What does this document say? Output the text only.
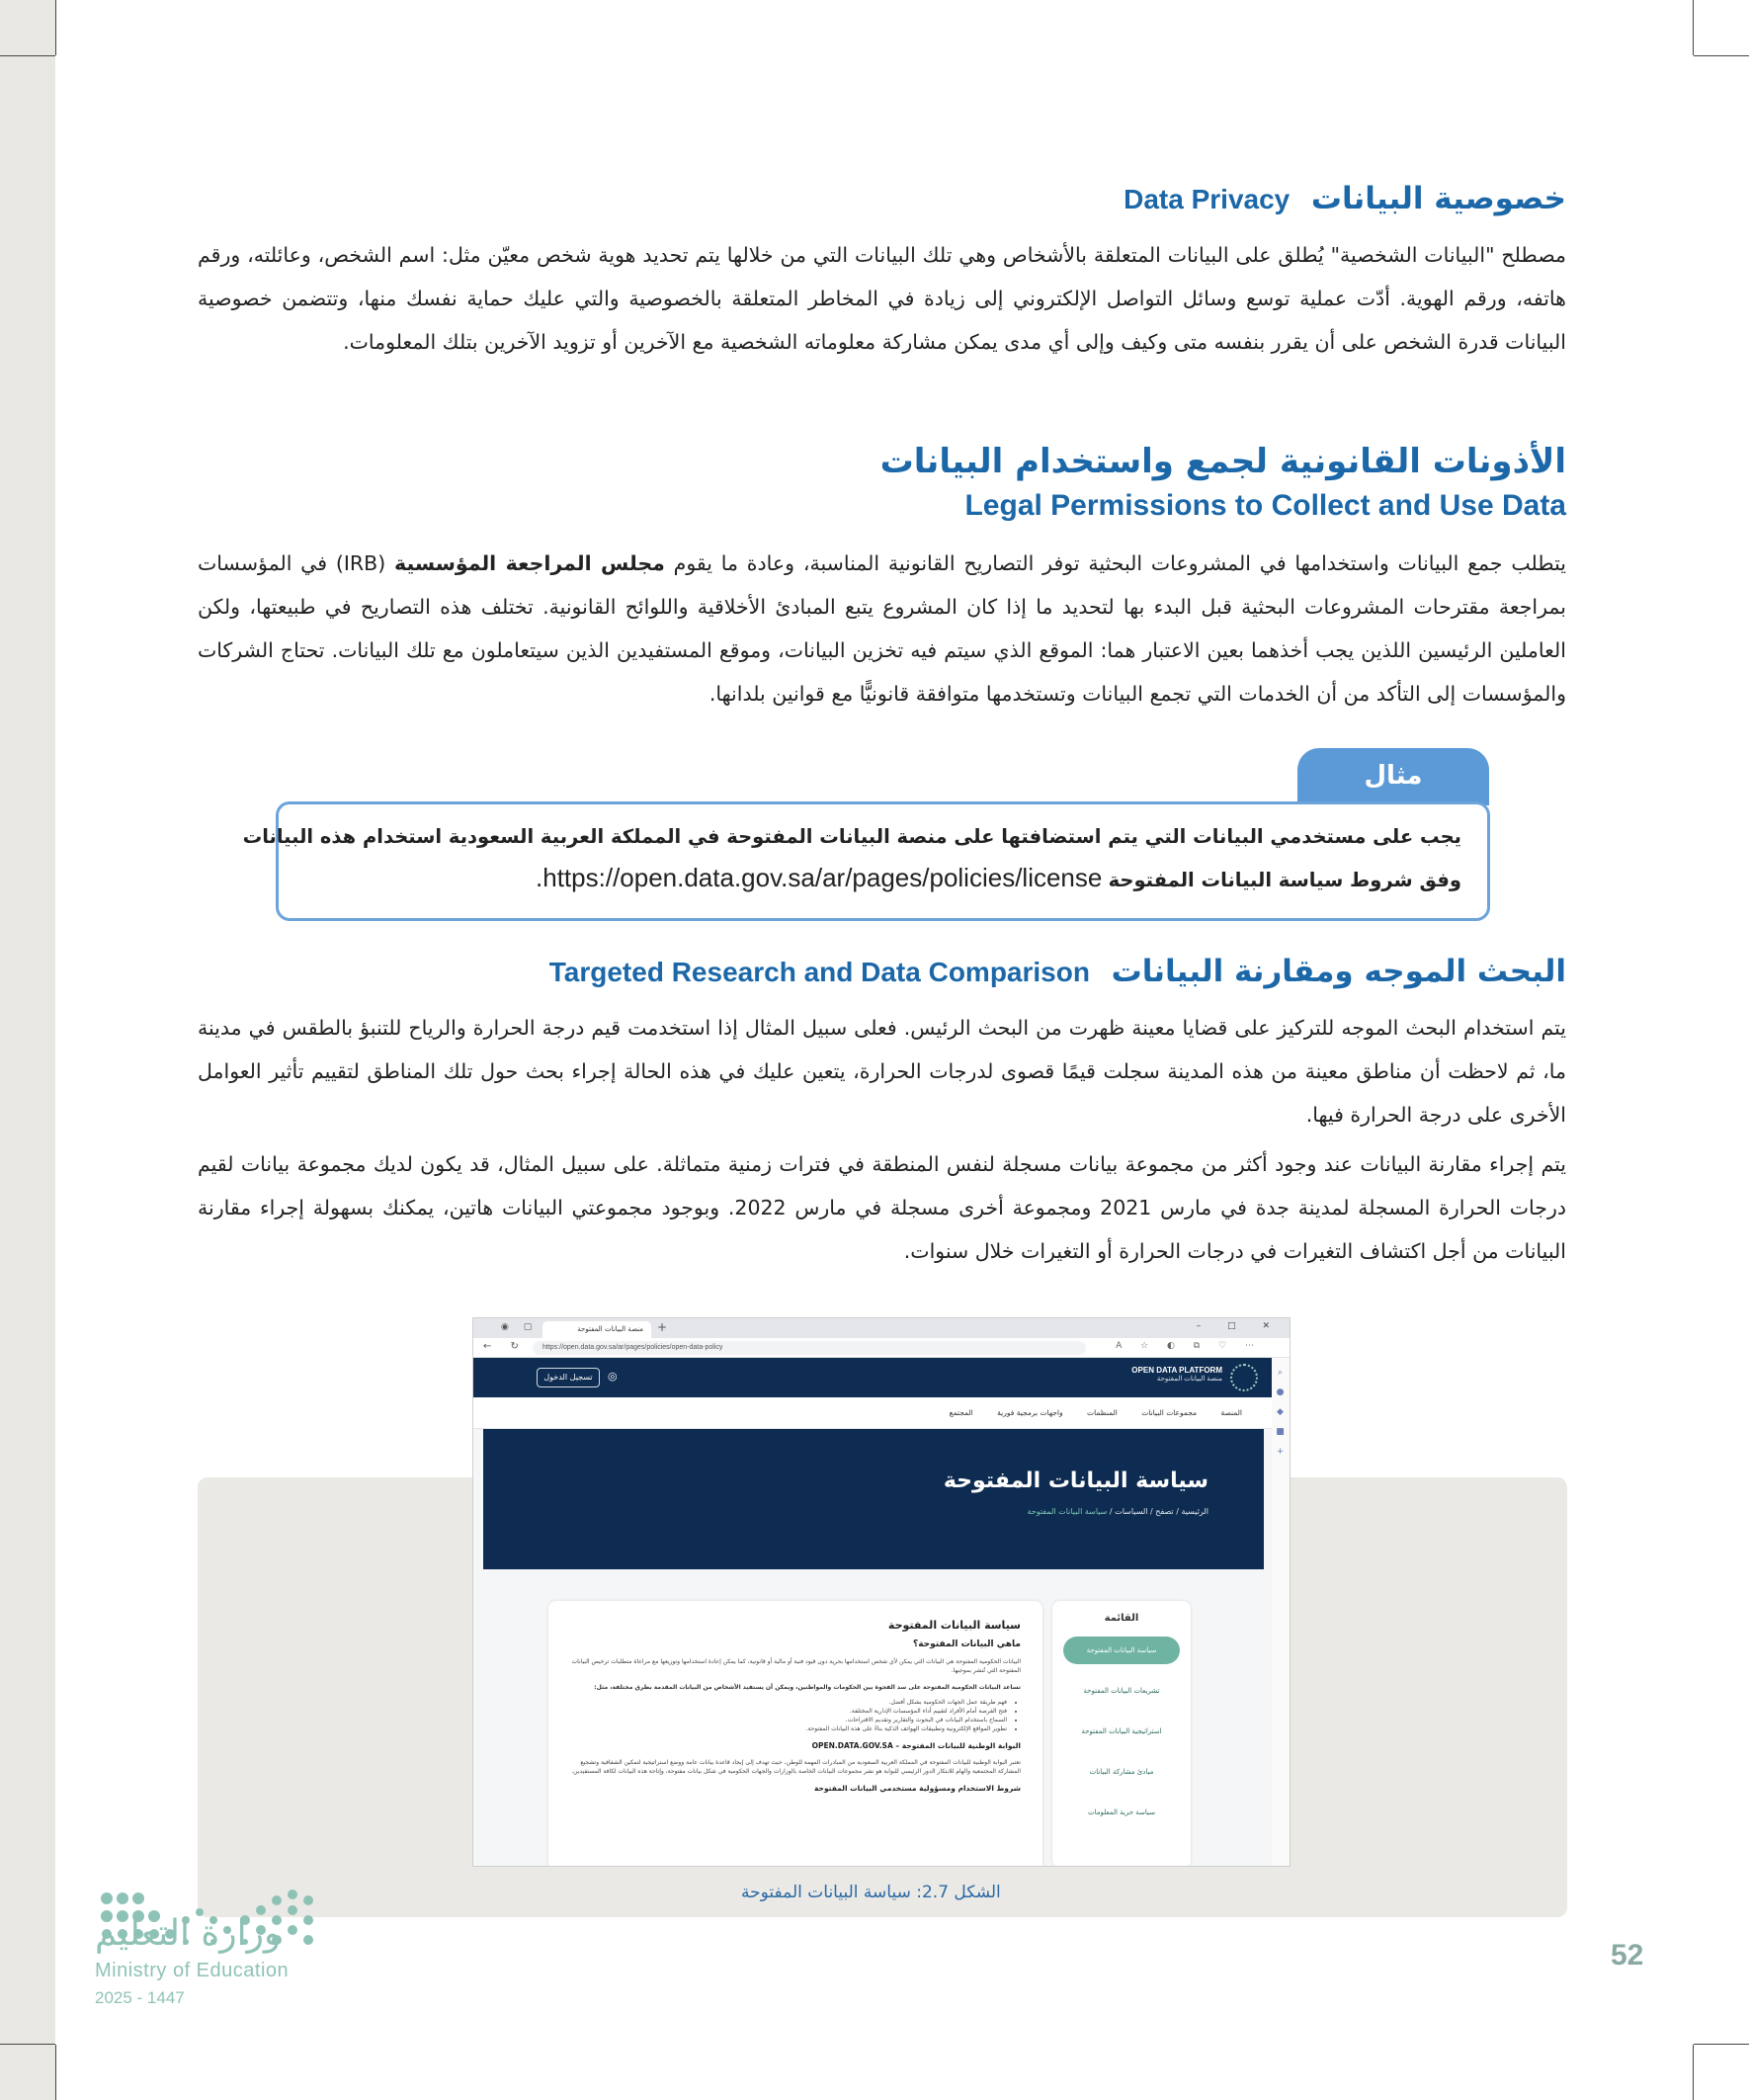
خصوصية البيانات  Data Privacy

مصطلح "البيانات الشخصية" يُطلق على البيانات المتعلقة بالأشخاص وهي تلك البيانات التي من خلالها يتم تحديد هوية شخص معيّن مثل: اسم الشخص، وعائلته، ورقم هاتفه، ورقم الهوية. أدّت عملية توسع وسائل التواصل الإلكتروني إلى زيادة في المخاطر المتعلقة بالخصوصية والتي عليك حماية نفسك منها، وتتضمن خصوصية البيانات قدرة الشخص على أن يقرر بنفسه متى وكيف وإلى أي مدى يمكن مشاركة معلوماته الشخصية مع الآخرين أو تزويد الآخرين بتلك المعلومات.

الأذونات القانونية لجمع واستخدام البيانات
Legal Permissions to Collect and Use Data

يتطلب جمع البيانات واستخدامها في المشروعات البحثية توفر التصاريح القانونية المناسبة، وعادة ما يقوم مجلس المراجعة المؤسسية (IRB) في المؤسسات بمراجعة مقترحات المشروعات البحثية قبل البدء بها لتحديد ما إذا كان المشروع يتبع المبادئ الأخلاقية واللوائح القانونية. تختلف هذه التصاريح في طبيعتها، ولكن العاملين الرئيسين اللذين يجب أخذهما بعين الاعتبار هما: الموقع الذي سيتم فيه تخزين البيانات، وموقع المستفيدين الذين سيتعاملون مع تلك البيانات. تحتاج الشركات والمؤسسات إلى التأكد من أن الخدمات التي تجمع البيانات وتستخدمها متوافقة قانونيًّا مع قوانين بلدانها.

مثال
يجب على مستخدمي البيانات التي يتم استضافتها على منصة البيانات المفتوحة في المملكة العربية السعودية استخدام هذه البيانات
وفق شروط سياسة البيانات المفتوحة https://open.data.gov.sa/ar/pages/policies/license.
البحث الموجه ومقارنة البيانات  Targeted Research and Data Comparison

يتم استخدام البحث الموجه للتركيز على قضايا معينة ظهرت من البحث الرئيس. فعلى سبيل المثال إذا استخدمت قيم درجة الحرارة والرياح للتنبؤ بالطقس في مدينة ما، ثم لاحظت أن مناطق معينة من هذه المدينة سجلت قيمًا قصوى لدرجات الحرارة، يتعين عليك في هذه الحالة إجراء بحث حول تلك المناطق لتقييم تأثير العوامل الأخرى على درجة الحرارة فيها.

يتم إجراء مقارنة البيانات عند وجود أكثر من مجموعة بيانات مسجلة لنفس المنطقة في فترات زمنية متماثلة. على سبيل المثال، قد يكون لديك مجموعة بيانات لقيم درجات الحرارة المسجلة لمدينة جدة في مارس 2021 ومجموعة أخرى مسجلة في مارس 2022. وبوجود مجموعتي البيانات هاتين، يمكنك بسهولة إجراء مقارنة البيانات من أجل اكتشاف التغيرات في درجات الحرارة أو التغيرات خلال سنوات.

◉ ▢	منصة البيانات المفتوحة	+	– □ ✕
← ↻	https://open.data.gov.sa/ar/pages/policies/open-data-policy	A ☆ ◐ ⧉ ♡ ⋯
⌕
●
◆
■
+
تسجيل الدخول	◎	OPEN DATA PLATFORM
منصة البيانات المفتوحة
المنصة مجموعات البيانات المنظمات واجهات برمجية فورية المجتمع
سياسة البيانات المفتوحة
الرئيسية / تصفح / السياسات / سياسة البيانات المفتوحة
القائمة
سياسة البيانات المفتوحة
تشريعات البيانات المفتوحة
استراتيجية البيانات المفتوحة
مبادئ مشاركة البيانات
سياسة حرية المعلومات
سياسة البيانات المفتوحة
ماهي البيانات المفتوحة؟
البيانات الحكومية المفتوحة هي البيانات التي يمكن لأي شخص استخدامها بحرية دون قيود فنية أو مالية أو قانونية، كما يمكن إعادة استخدامها وتوزيعها مع مراعاة متطلبات ترخيص البيانات المفتوحة التي تُنشر بموجبها.
تساعد البيانات الحكومية المفتوحة على سد الفجوة بين الحكومات والمواطنين، ويمكن أن يستفيد الأشخاص من البيانات المقدمة بطرق مختلفة، مثل:
• فهم طريقة عمل الجهات الحكومية بشكل أفضل.
• فتح الفرصة أمام الأفراد لتقييم أداء المؤسسات الإدارية المختلفة.
• السماح باستخدام البيانات في البحوث والتقارير وتقديم الاقتراحات.
• تطوير المواقع الإلكترونية وتطبيقات الهواتف الذكية بناءً على هذه البيانات المفتوحة.
البوابة الوطنية للبيانات المفتوحة – OPEN.DATA.GOV.SA
تعتبر البوابة الوطنية للبيانات المفتوحة في المملكة العربية السعودية من المبادرات المهمة للوطن، حيث تهدف إلى إيجاد قاعدة بيانات عامة ووضع استراتيجية لتمكين الشفافية وتشجيع المشاركة المجتمعية والهام للابتكار الدور الرئيسي للبوابة هو نشر مجموعات البيانات الخاصة بالوزارات والجهات الحكومية في شكل بيانات مفتوحة، وإتاحة هذه البيانات لكافة المستفيدين.
شروط الاستخدام ومسؤولية مستخدمي البيانات المفتوحة
الشكل 2.7: سياسة البيانات المفتوحة
وزارة التعليم
Ministry of Education
2025 - 1447
52
